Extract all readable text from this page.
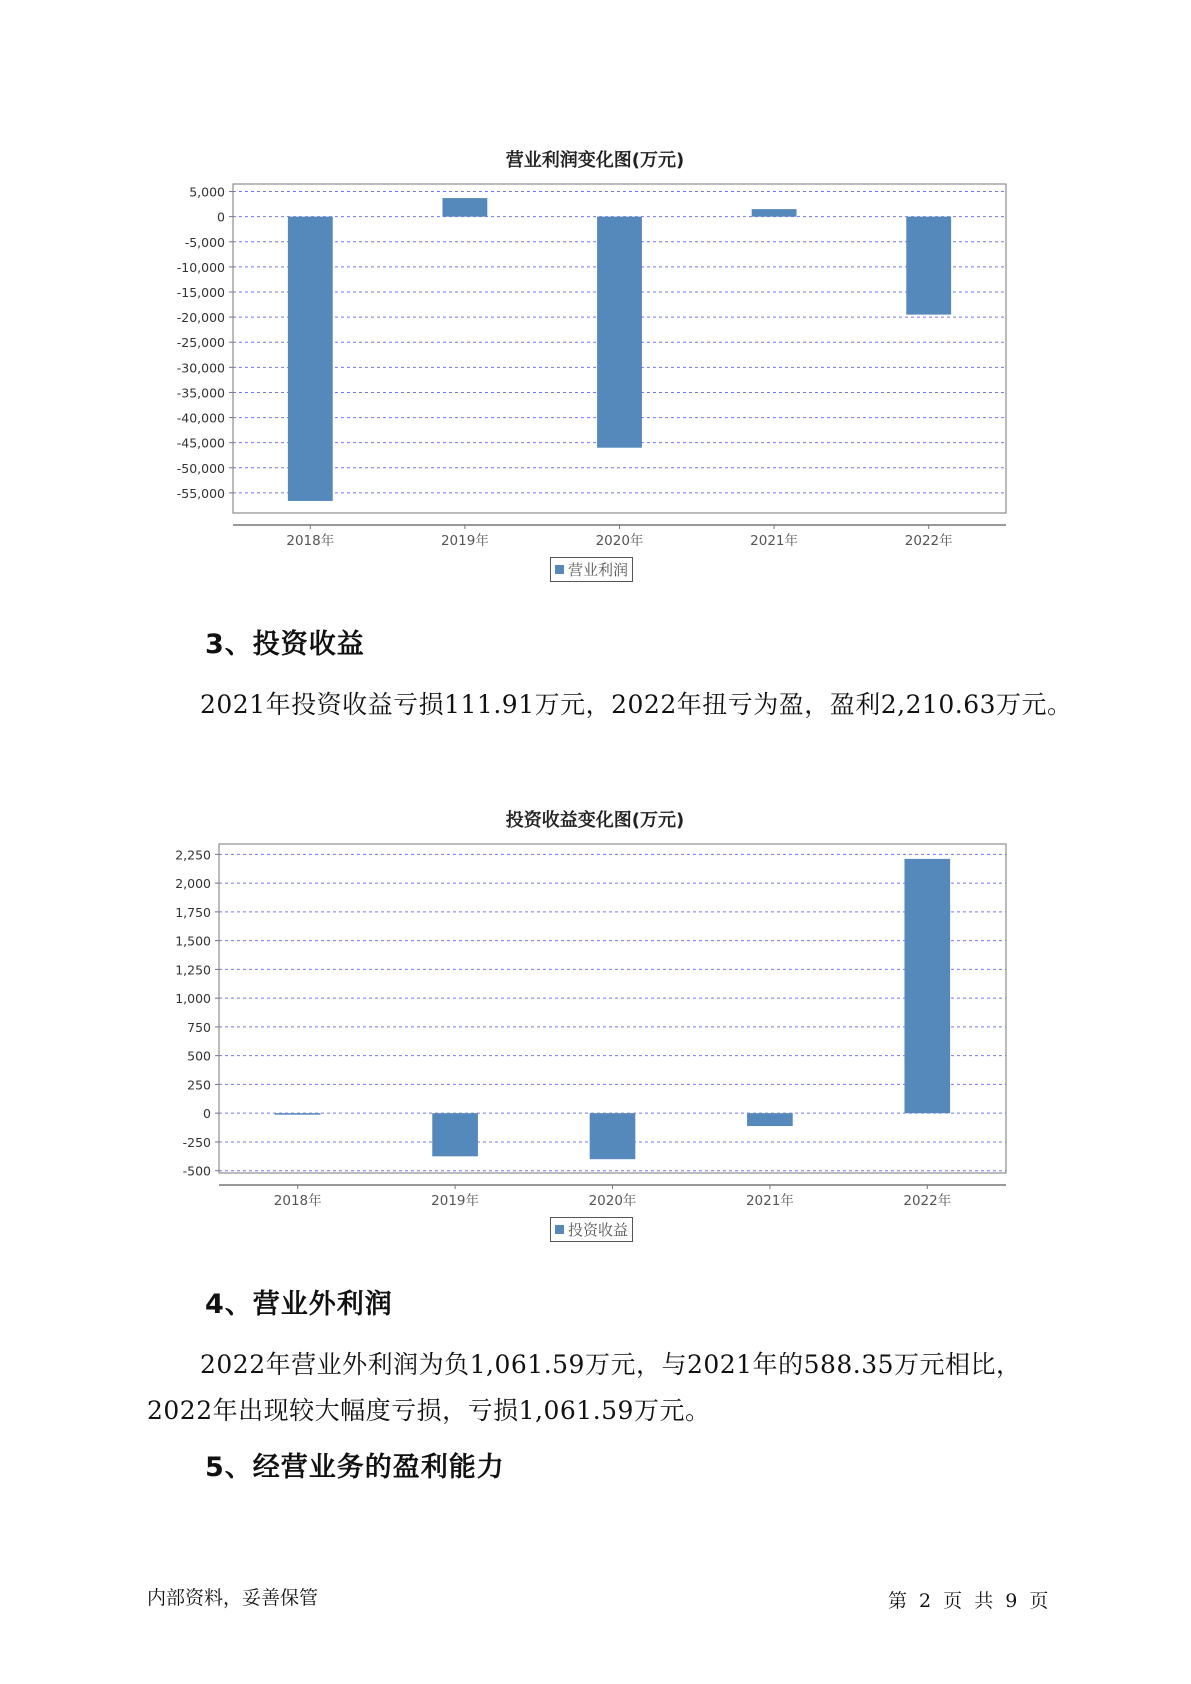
营业利润变化图(万元)
5,000
0
-5,000
-10,000
-15,000
-20,000
-25,000
-30,000
-35,000
-40,000
-45,000
-50,000
-55,000
2018年	2019年	2020年	2021年	2022年
营业利润
3、投资收益

2021年投资收益亏损111.91万元，2022年扭亏为盈，盈利2,210.63万元。

投资收益变化图(万元)
2,250
2,000
1,750
1,500
1,250
1,000
750
500
250
0
-250
-500
2018年	2019年	2020年	2021年	2022年
投资收益
4、营业外利润

2022年营业外利润为负1,061.59万元，与2021年的588.35万元相比，2022年出现较大幅度亏损，亏损1,061.59万元。

5、经营业务的盈利能力
内部资料，妥善保管	第 2 页 共 9 页
